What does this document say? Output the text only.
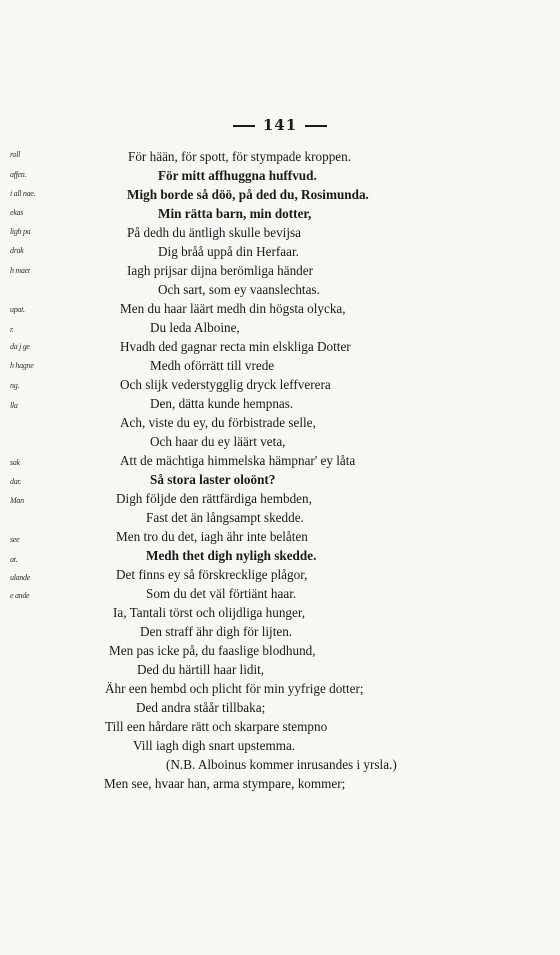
141
roll
affen.
i all nae.
ekas
ligh pa
drak
h maet
upat.
r.
da j ge
h hagne
ng.
lla
sak
dar.
Man
see
at.
ulande
e ande
För hään, för spott, för stympade kroppen.
För mitt affhuggna huffvud.
Migh borde så döö, på ded du, Rosimunda.
Min rätta barn, min dotter,
På dedh du äntligh skulle bevijsa
Dig bråå uppå din Herfaar.
Iagh prijsar dijna berömliga händer
Och sart, som ey vaanslechtas.
Men du haar läärt medh din högsta olycka,
Du leda Alboine,
Hvadh ded gagnar recta min elskliga Dotter
Medh oförrätt till vrede
Och slijk vederstygglig dryck leffverera
Den, dätta kunde hempnas.
Ach, viste du ey, du förbistrade selle,
Och haar du ey läärt veta,
Att de mächtiga himmelska hämpnar' ey låta
Så stora laster oloönt?
Digh följde den rättfärdiga hembden,
Fast det än långsampt skedde.
Men tro du det, iagh ähr inte belåten
Medh thet digh nyligh skedde.
Det finns ey så förskreckligе plågor,
Som du det väl förtiänt haar.
Ia, Tantali törst och olijdliga hunger,
Den straff ähr digh för lijten.
Men pas icke på, du faaslige blodhund,
Ded du härtill haar lidit,
Ähr een hembd och plicht för min yyfrige dotter;
Ded andra ståår tillbaka;
Till een hårdare rätt och skarpare stempno
Vill iagh digh snart upstemma.
(N.B. Alboinus kommer inrusandes i yrsla.)
Men see, hvaar han, arma stympare, kommer;
